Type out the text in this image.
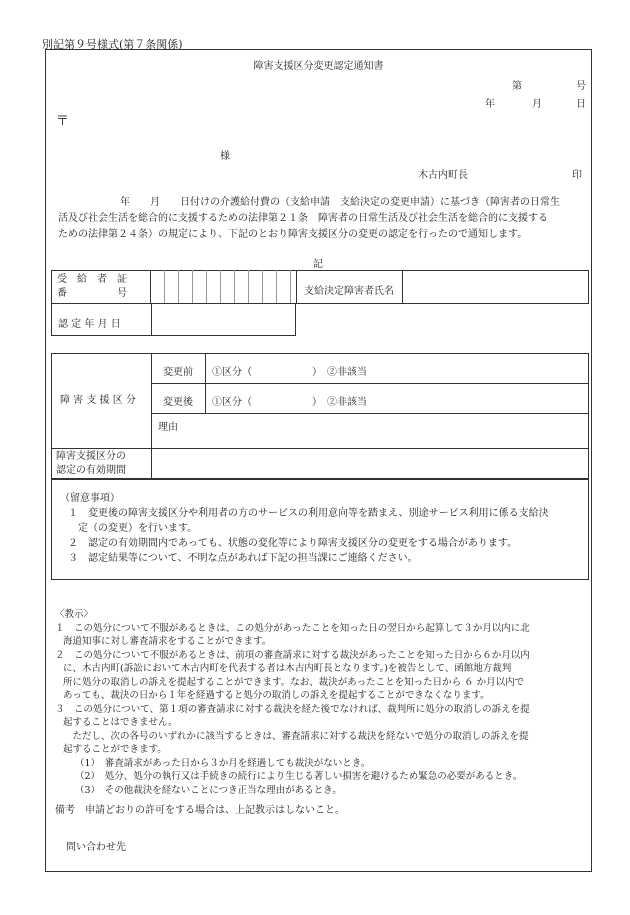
別記第９号様式(第７条関係)
障害支援区分変更認定通知書
第	号
年	月	日
〒
様
木古内町長	印
年　　月　　日付けの介護給付費の（支給申請　支給決定の変更申請）に基づき（障害者の日常生
活及び社会生活を総合的に支援するための法律第２１条　障害者の日常生活及び社会生活を総合的に支援する
ための法律第２４条）の規定により、下記のとおり障害支援区分の変更の認定を行ったので通知します。
記
受　給　者　証
番　　　　　号	支給決定障害者氏名
認 定 年 月 日
障 害 支 援 区 分
変更前 ①区分（　　　　　　）　②非該当
変更後 ①区分（　　　　　　）　②非該当
理由
障害支援区分の
認定の有効期間
（留意事項）
１　変更後の障害支援区分や利用者の方のサービスの利用意向等を踏まえ、別途サービス利用に係る支給決
　定（の変更）を行います。
２　認定の有効期間内であっても、状態の変化等により障害支援区分の変更をする場合があります。
３　認定結果等について、不明な点があれば下記の担当課にご連絡ください。
〈教示〉
１　この処分について不服があるときは、この処分があったことを知った日の翌日から起算して３か月以内に北
海道知事に対し審査請求をすることができます。
２　この処分について不服があるときは、前項の審査請求に対する裁決があったことを知った日から６か月以内
に、木古内町(訴訟において木古内町を代表する者は木古内町長となります。)を被告として、函館地方裁判
所に処分の取消しの訴えを提起することができます。なお、裁決があったことを知った日から ６ か月以内で
あっても、裁決の日から１年を経過すると処分の取消しの訴えを提起することができなくなります。
３　この処分について、第１項の審査請求に対する裁決を経た後でなければ、裁判所に処分の取消しの訴えを提
起することはできません。
　ただし、次の各号のいずれかに該当するときは、審査請求に対する裁決を経ないで処分の取消しの訴えを提
起することができます。
（1）　審査請求があった日から３か月を経過しても裁決がないとき。
（2）　処分、処分の執行又は手続きの続行により生じる著しい損害を避けるため緊急の必要があるとき。
（3）　その他裁決を経ないことにつき正当な理由があるとき。
備考　申請どおりの許可をする場合は、上記教示はしないこと。
問い合わせ先
